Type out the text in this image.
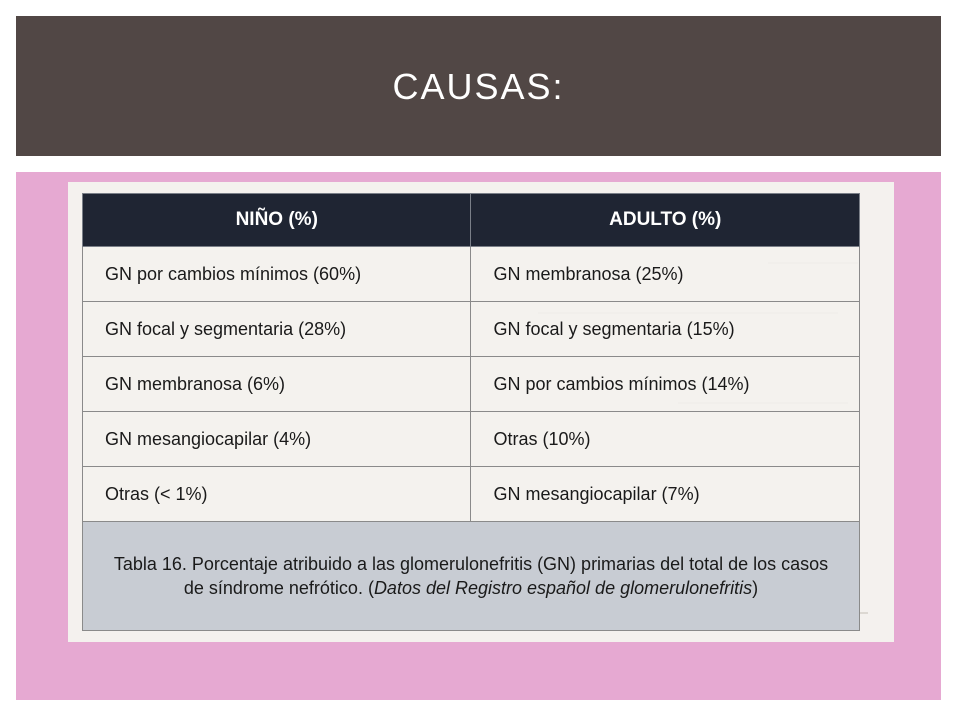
CAUSAS:
NIÑO (%)	ADULTO (%)
GN por cambios mínimos (60%)	GN membranosa (25%)
GN focal y segmentaria (28%)	GN focal y segmentaria (15%)
GN membranosa (6%)	GN por cambios mínimos (14%)
GN mesangiocapilar (4%)	Otras (10%)
Otras (< 1%)	GN mesangiocapilar (7%)
Tabla 16. Porcentaje atribuido a las glomerulonefritis (GN) primarias del total de los casos de síndrome nefrótico. (Datos del Registro español de glomerulonefritis)	
